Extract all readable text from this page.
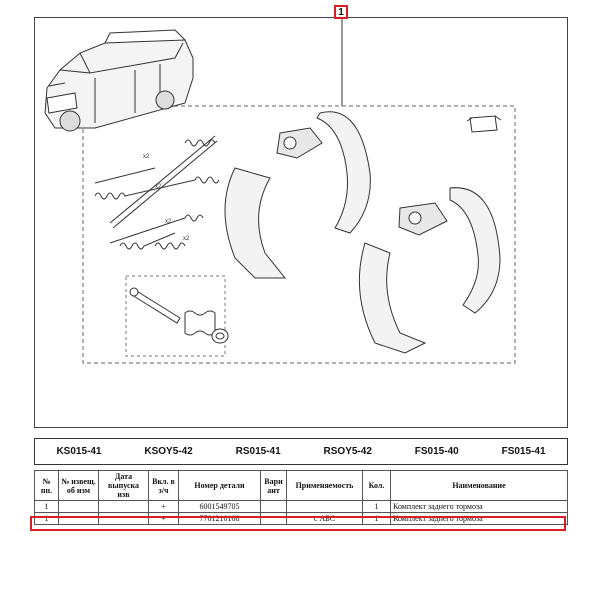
x2
x2
x2
x2
1
KS015-41	KSOY5-42	RS015-41	RSOY5-42	FS015-40	FS015-41
№ пп.	№ извещ. об изм	Дата выпуска изв	Вкл. в з/ч	Номер детали	Вари ант	Применяемость	Кол.	Наименование
1			+	6001549705			1	Комплект заднего тормоза
1			+	7701210108		с АБС	1	Комплект заднего тормоза
